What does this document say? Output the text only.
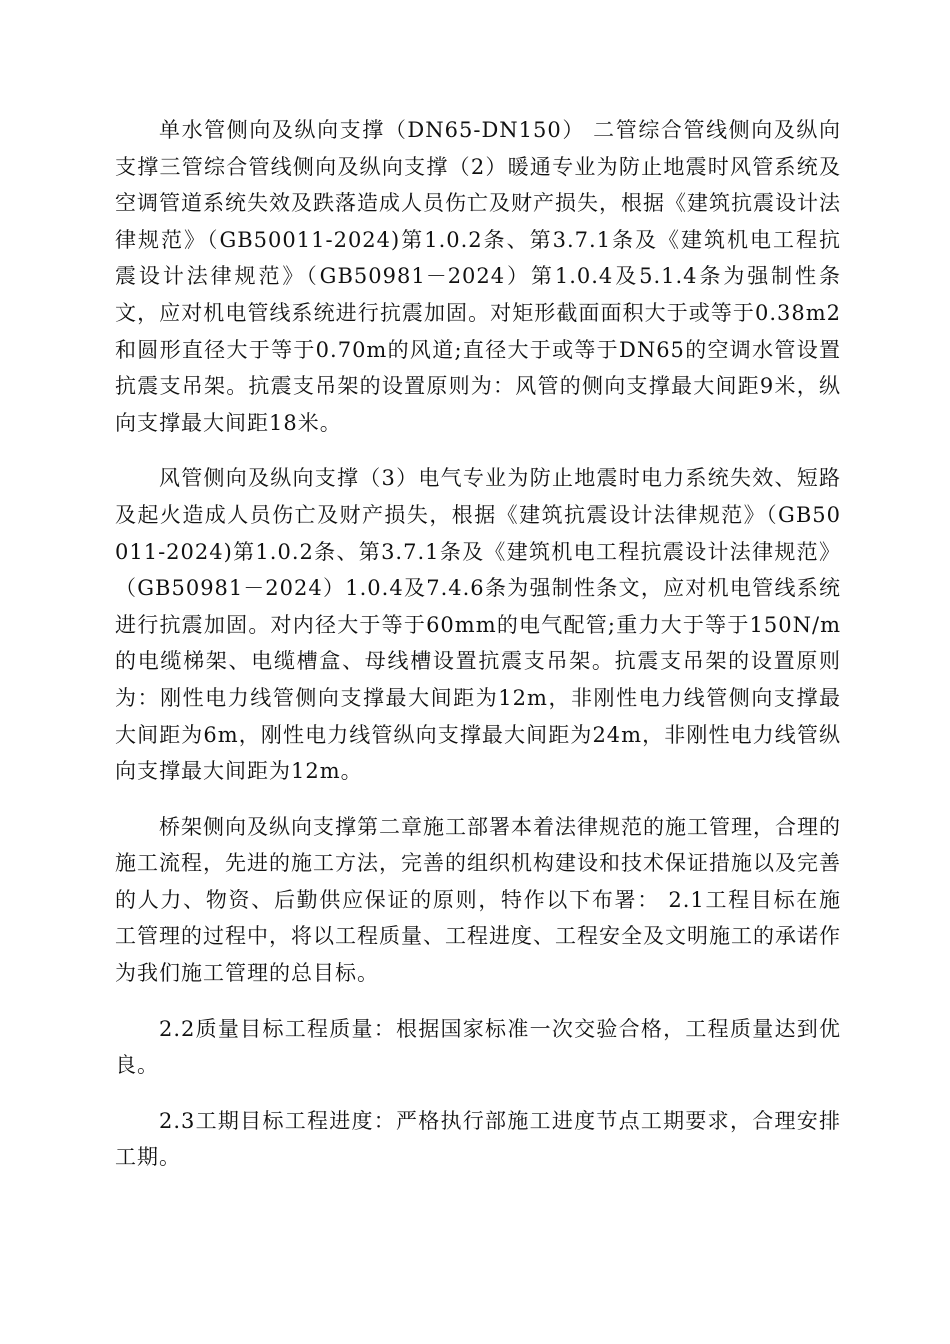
单水管侧向及纵向支撑（DN65-DN150） 二管综合管线侧向及纵向支撑三管综合管线侧向及纵向支撑（2）暖通专业为防止地震时风管系统及空调管道系统失效及跌落造成人员伤亡及财产损失，根据《建筑抗震设计法律规范》（GB50011-2024)第1.0.2条、第3.7.1条及《建筑机电工程抗震设计法律规范》（GB50981－2024）第1.0.4及5.1.4条为强制性条文，应对机电管线系统进行抗震加固。对矩形截面面积大于或等于0.38m2和圆形直径大于等于0.70m的风道;直径大于或等于DN65的空调水管设置抗震支吊架。抗震支吊架的设置原则为：风管的侧向支撑最大间距9米，纵向支撑最大间距18米。

风管侧向及纵向支撑（3）电气专业为防止地震时电力系统失效、短路及起火造成人员伤亡及财产损失，根据《建筑抗震设计法律规范》（GB50011-2024)第1.0.2条、第3.7.1条及《建筑机电工程抗震设计法律规范》（GB50981－2024）1.0.4及7.4.6条为强制性条文，应对机电管线系统进行抗震加固。对内径大于等于60mm的电气配管;重力大于等于150N/m的电缆梯架、电缆槽盒、母线槽设置抗震支吊架。抗震支吊架的设置原则为：刚性电力线管侧向支撑最大间距为12m，非刚性电力线管侧向支撑最大间距为6m，刚性电力线管纵向支撑最大间距为24m，非刚性电力线管纵向支撑最大间距为12m。

桥架侧向及纵向支撑第二章施工部署本着法律规范的施工管理，合理的施工流程，先进的施工方法，完善的组织机构建设和技术保证措施以及完善的人力、物资、后勤供应保证的原则，特作以下布署： 2.1工程目标在施工管理的过程中，将以工程质量、工程进度、工程安全及文明施工的承诺作为我们施工管理的总目标。

2.2质量目标工程质量：根据国家标准一次交验合格，工程质量达到优良。

2.3工期目标工程进度：严格执行部施工进度节点工期要求，合理安排工期。
